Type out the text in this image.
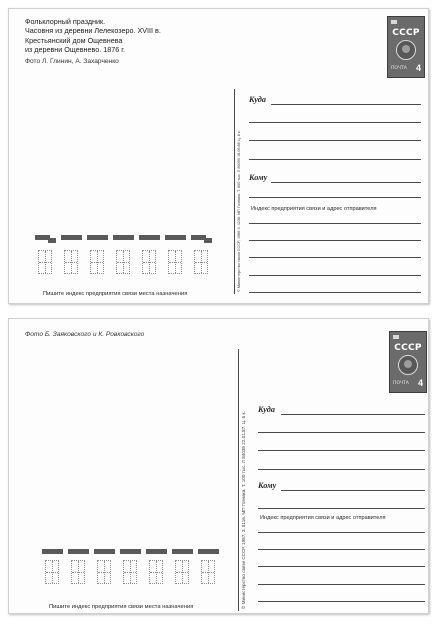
Фольклорный праздник.
Часовня из деревни Лелекозеро. XVIII в.
Крестьянский дом Ощевнева
из деревни Ощевнево. 1876 г.
Фото Л. Глинин, А. Захарченко
СССР
ПОЧТА 4
© Министерство связи СССР, 1986 3. 4236. МП Гознака. Т. 600 тыс. Л 86090 18.06.86 Ц. 6 к.
Куда
Кому
Индекс предприятия связи и адрес отправителя
Пишите индекс предприятия связи места назначения
Фото Б. Заяковского и К. Ровковского
СССР
ПОЧТА 4
© Министерство связи СССР, 1987, 3. 8116. МП Гознака. Т. 100 тыс. Л 84035 22.01.87. Ц. 6 к.
Куда
Кому
Индекс предприятия связи и адрес отправителя
Пишите индекс предприятия связи места назначения
